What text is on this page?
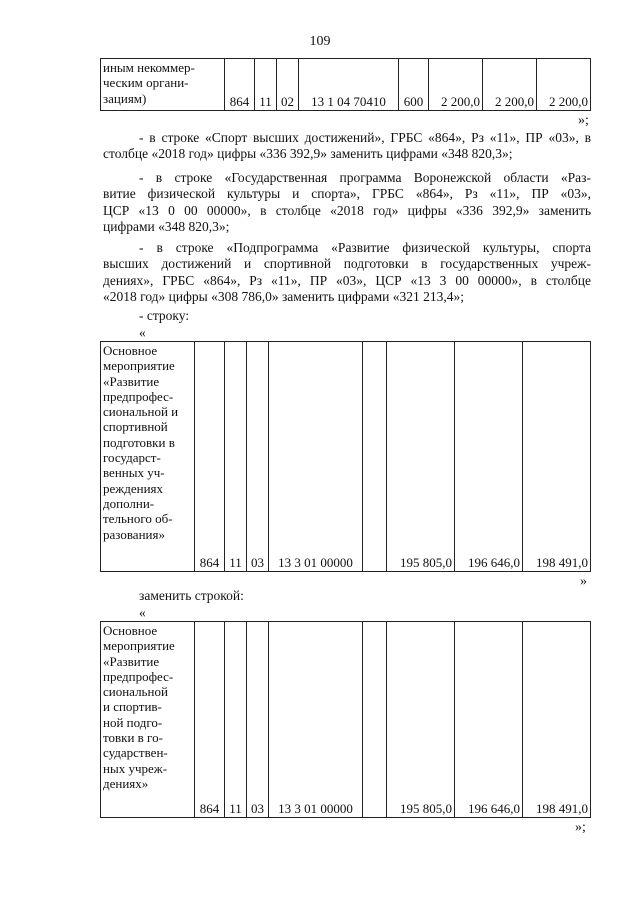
109
иным некоммер-
ческим органи-
зациям)	864	11	02	13 1 04 70410	600	2 200,0	2 200,0	2 200,0
»;
- в строке «Спорт высших достижений», ГРБС «864», Рз «11», ПР «03», в
столбце «2018 год» цифры «336 392,9» заменить цифрами «348 820,3»;
- в строке «Государственная программа Воронежской области «Раз-
витие физической культуры и спорта», ГРБС «864», Рз «11», ПР «03»,
ЦСР «13 0 00 00000», в столбце «2018 год» цифры «336 392,9» заменить
цифрами «348 820,3»;
- в строке «Подпрограмма «Развитие физической культуры, спорта
высших достижений и спортивной подготовки в государственных учреж-
дениях», ГРБС «864», Рз «11», ПР «03», ЦСР «13 3 00 00000», в столбце
«2018 год» цифры «308 786,0» заменить цифрами «321 213,4»;
- строку:
«
Основное
мероприятие
«Развитие
предпрофес-
сиональной и
спортивной
подготовки в
государст-
венных уч-
реждениях
дополни-
тельного об-
разования»	864	11	03	13 3 01 00000		195 805,0	196 646,0	198 491,0
»
заменить строкой:
«
Основное
мероприятие
«Развитие
предпрофес-
сиональной
и спортив-
ной подго-
товки в го-
сударствен-
ных учреж-
дениях»	864	11	03	13 3 01 00000		195 805,0	196 646,0	198 491,0
»;
